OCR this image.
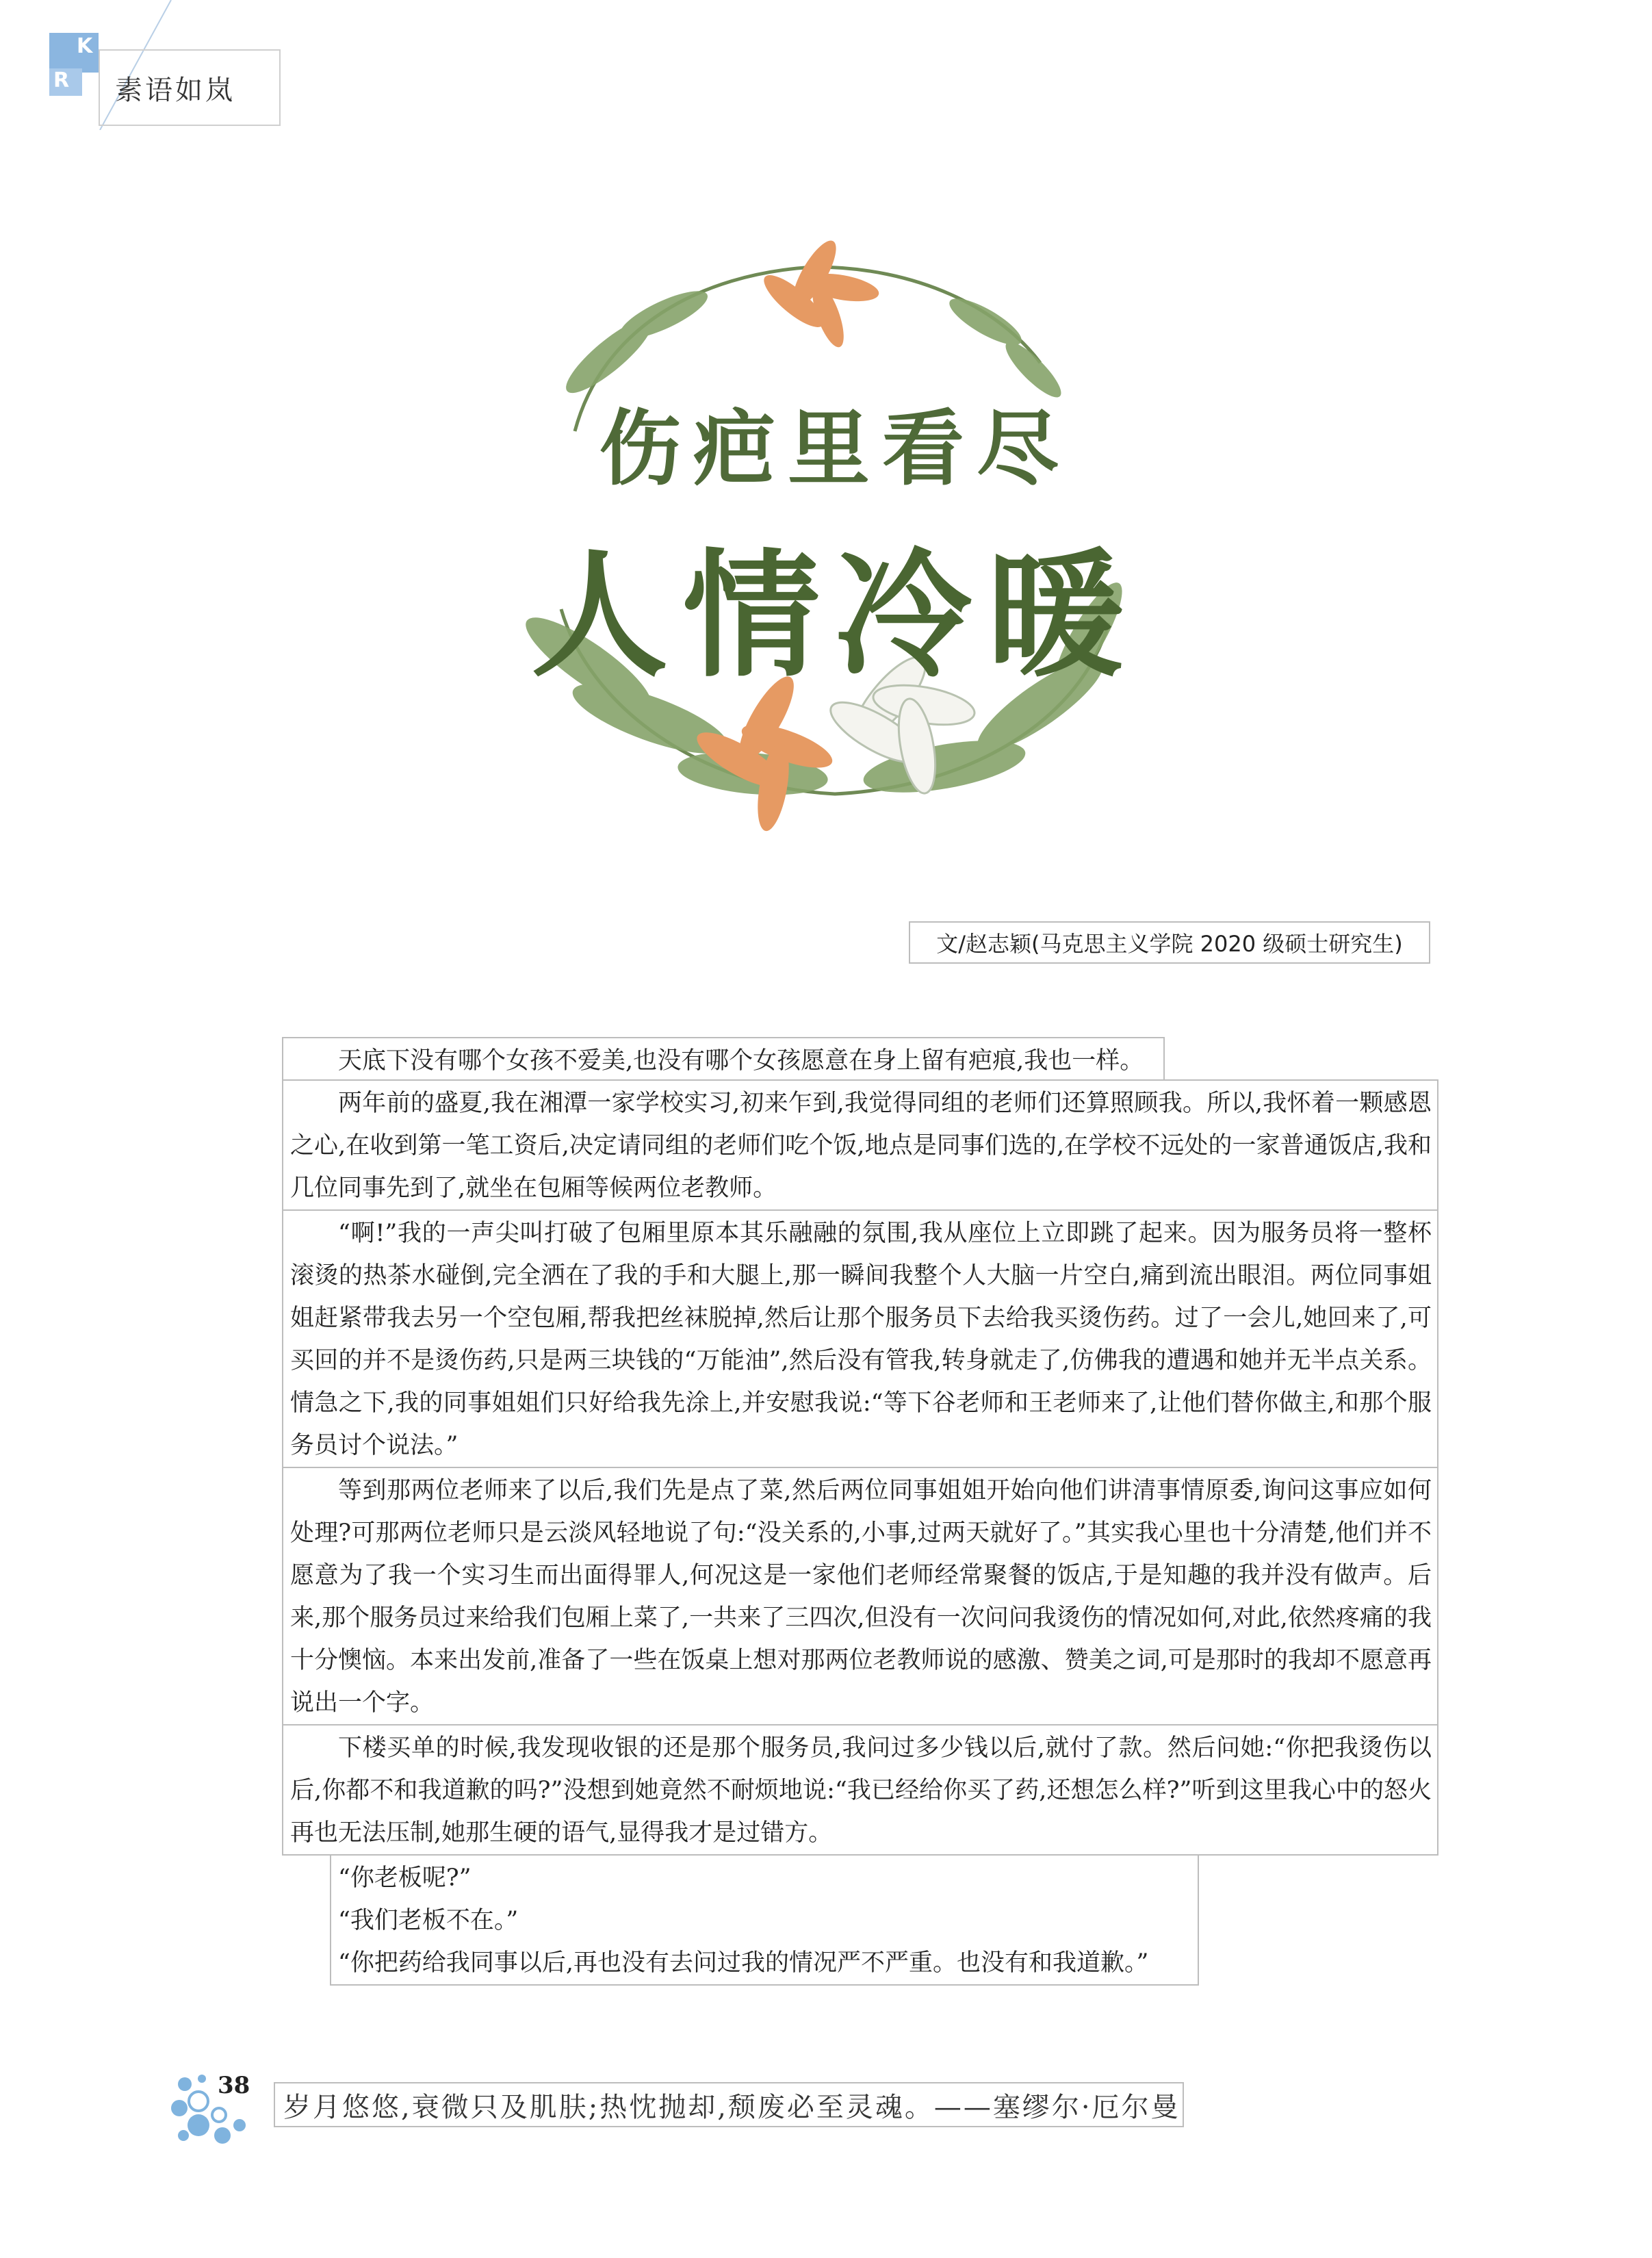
K
R 素语如岚
伤疤里看尽
人情冷暖
文/赵志颖(马克思主义学院 2020 级硕士研究生)

天底下没有哪个女孩不爱美,也没有哪个女孩愿意在身上留有疤痕,我也一样。

两年前的盛夏,我在湘潭一家学校实习,初来乍到,我觉得同组的老师们还算照顾我。所以,我怀着一颗感恩之心,在收到第一笔工资后,决定请同组的老师们吃个饭,地点是同事们选的,在学校不远处的一家普通饭店,我和几位同事先到了,就坐在包厢等候两位老教师。

“啊!”我的一声尖叫打破了包厢里原本其乐融融的氛围,我从座位上立即跳了起来。因为服务员将一整杯滚烫的热茶水碰倒,完全洒在了我的手和大腿上,那一瞬间我整个人大脑一片空白,痛到流出眼泪。两位同事姐姐赶紧带我去另一个空包厢,帮我把丝袜脱掉,然后让那个服务员下去给我买烫伤药。过了一会儿,她回来了,可买回的并不是烫伤药,只是两三块钱的“万能油”,然后没有管我,转身就走了,仿佛我的遭遇和她并无半点关系。情急之下,我的同事姐姐们只好给我先涂上,并安慰我说:“等下谷老师和王老师来了,让他们替你做主,和那个服务员讨个说法。”

等到那两位老师来了以后,我们先是点了菜,然后两位同事姐姐开始向他们讲清事情原委,询问这事应如何处理?可那两位老师只是云淡风轻地说了句:“没关系的,小事,过两天就好了。”其实我心里也十分清楚,他们并不愿意为了我一个实习生而出面得罪人,何况这是一家他们老师经常聚餐的饭店,于是知趣的我并没有做声。后来,那个服务员过来给我们包厢上菜了,一共来了三四次,但没有一次问问我烫伤的情况如何,对此,依然疼痛的我十分懊恼。本来出发前,准备了一些在饭桌上想对那两位老教师说的感激、赞美之词,可是那时的我却不愿意再说出一个字。

下楼买单的时候,我发现收银的还是那个服务员,我问过多少钱以后,就付了款。然后问她:“你把我烫伤以后,你都不和我道歉的吗?”没想到她竟然不耐烦地说:“我已经给你买了药,还想怎么样?”听到这里我心中的怒火再也无法压制,她那生硬的语气,显得我才是过错方。

“你老板呢?”

“我们老板不在。”

“你把药给我同事以后,再也没有去问过我的情况严不严重。也没有和我道歉。”

38
岁月悠悠,衰微只及肌肤;热忱抛却,颓废必至灵魂。——塞缪尔·厄尔曼
